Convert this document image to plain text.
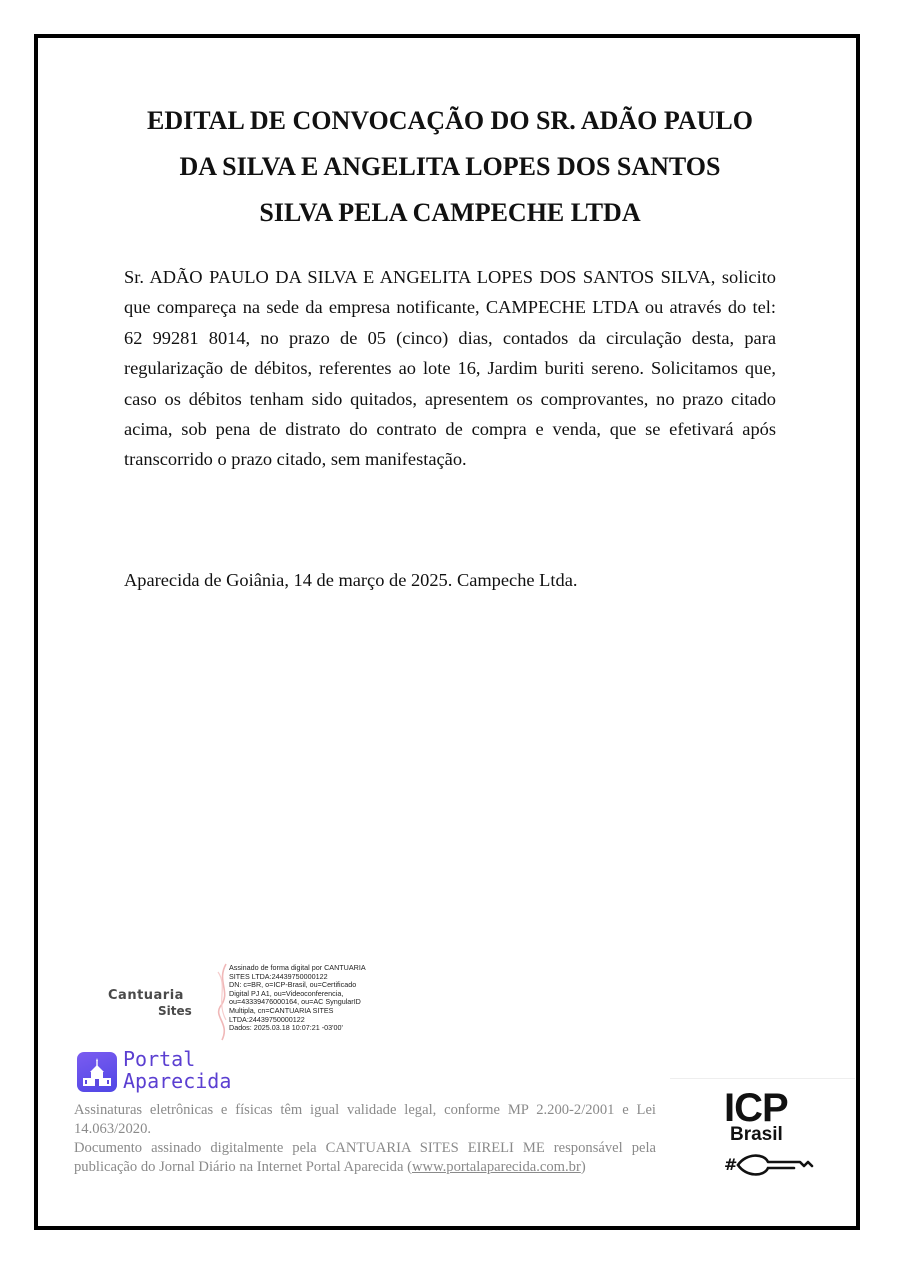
EDITAL DE CONVOCAÇÃO DO SR. ADÃO PAULO
DA SILVA E ANGELITA LOPES DOS SANTOS
SILVA PELA CAMPECHE LTDA

Sr. ADÃO PAULO DA SILVA E ANGELITA LOPES DOS SANTOS SILVA, solicito que compareça na sede da empresa notificante, CAMPECHE LTDA ou através do tel: 62 99281 8014, no prazo de 05 (cinco) dias, contados da circulação desta, para regularização de débitos, referentes ao lote 16, Jardim buriti sereno. Solicitamos que, caso os débitos tenham sido quitados, apresentem os comprovantes, no prazo citado acima, sob pena de distrato do contrato de compra e venda, que se efetivará após transcorrido o prazo citado, sem manifestação.

Aparecida de Goiânia, 14 de março de 2025. Campeche Ltda.

Cantuaria
Sites
Assinado de forma digital por CANTUARIA
SITES LTDA:24439750000122
DN: c=BR, o=ICP-Brasil, ou=Certificado
Digital PJ A1, ou=Videoconferencia,
ou=43339476000164, ou=AC SyngularID
Multipla, cn=CANTUARIA SITES
LTDA:24439750000122
Dados: 2025.03.18 10:07:21 -03'00'
Portal
Aparecida

Assinaturas eletrônicas e físicas têm igual validade legal, conforme MP 2.200-2/2001 e Lei 14.063/2020.

Documento assinado digitalmente pela CANTUARIA SITES EIRELI ME responsável pela publicação do Jornal Diário na Internet Portal Aparecida (www.portalaparecida.com.br)

ICP
Brasil
#
